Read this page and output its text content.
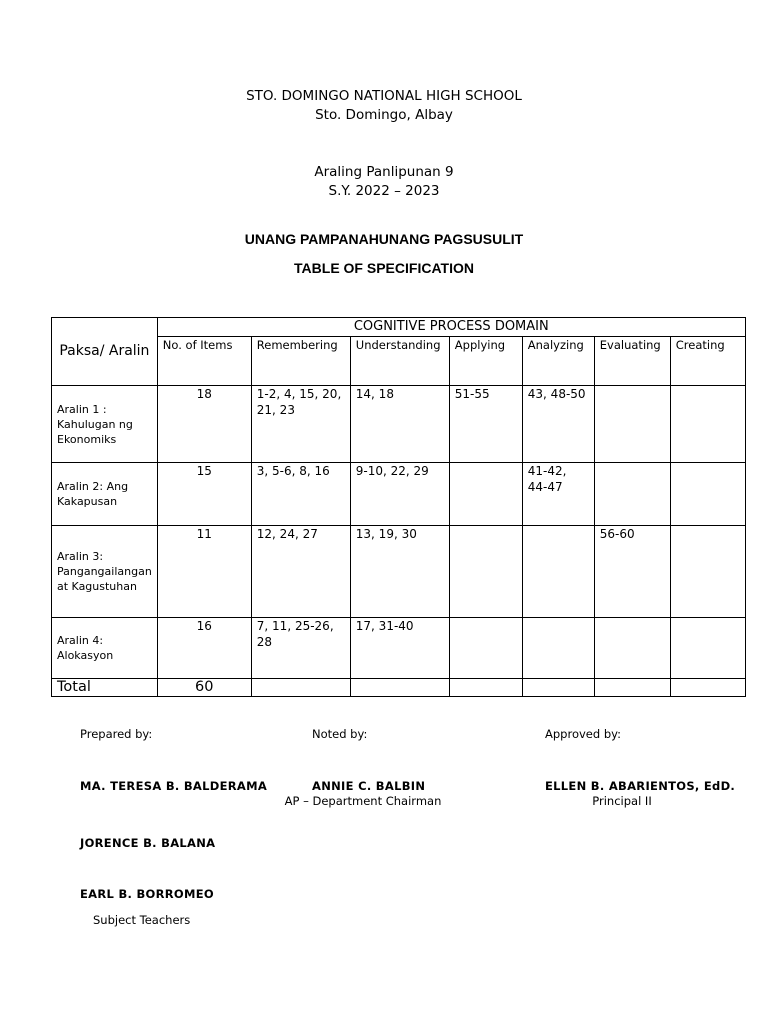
STO. DOMINGO NATIONAL HIGH SCHOOL
Sto. Domingo, Albay
Araling Panlipunan 9
S.Y. 2022 – 2023
UNANG PAMPANAHUNANG PAGSUSULIT
TABLE OF SPECIFICATION
Paksa/ Aralin	COGNITIVE PROCESS DOMAIN						
	No. of Items	Remembering	Understanding	Applying	Analyzing	Evaluating	Creating
Aralin 1 : Kahulugan ng Ekonomiks	18	1-2, 4, 15, 20, 21, 23	14, 18	51-55	43, 48-50		
Aralin 2: Ang Kakapusan	15	3, 5-6, 8, 16	9-10, 22, 29		41-42, 44-47		
Aralin 3: Pangangailangan at Kagustuhan	11	12, 24, 27	13, 19, 30			56-60	
Aralin 4: Alokasyon	16	7, 11, 25-26, 28	17, 31-40				
Total	60						
Prepared by:	Noted by:	Approved by:
MA. TERESA B. BALDERAMA	ANNIE C. BALBIN
AP – Department Chairman
ELLEN B. ABARIENTOS, EdD.
Principal II
JORENCE B. BALANA
EARL B. BORROMEO
Subject Teachers
